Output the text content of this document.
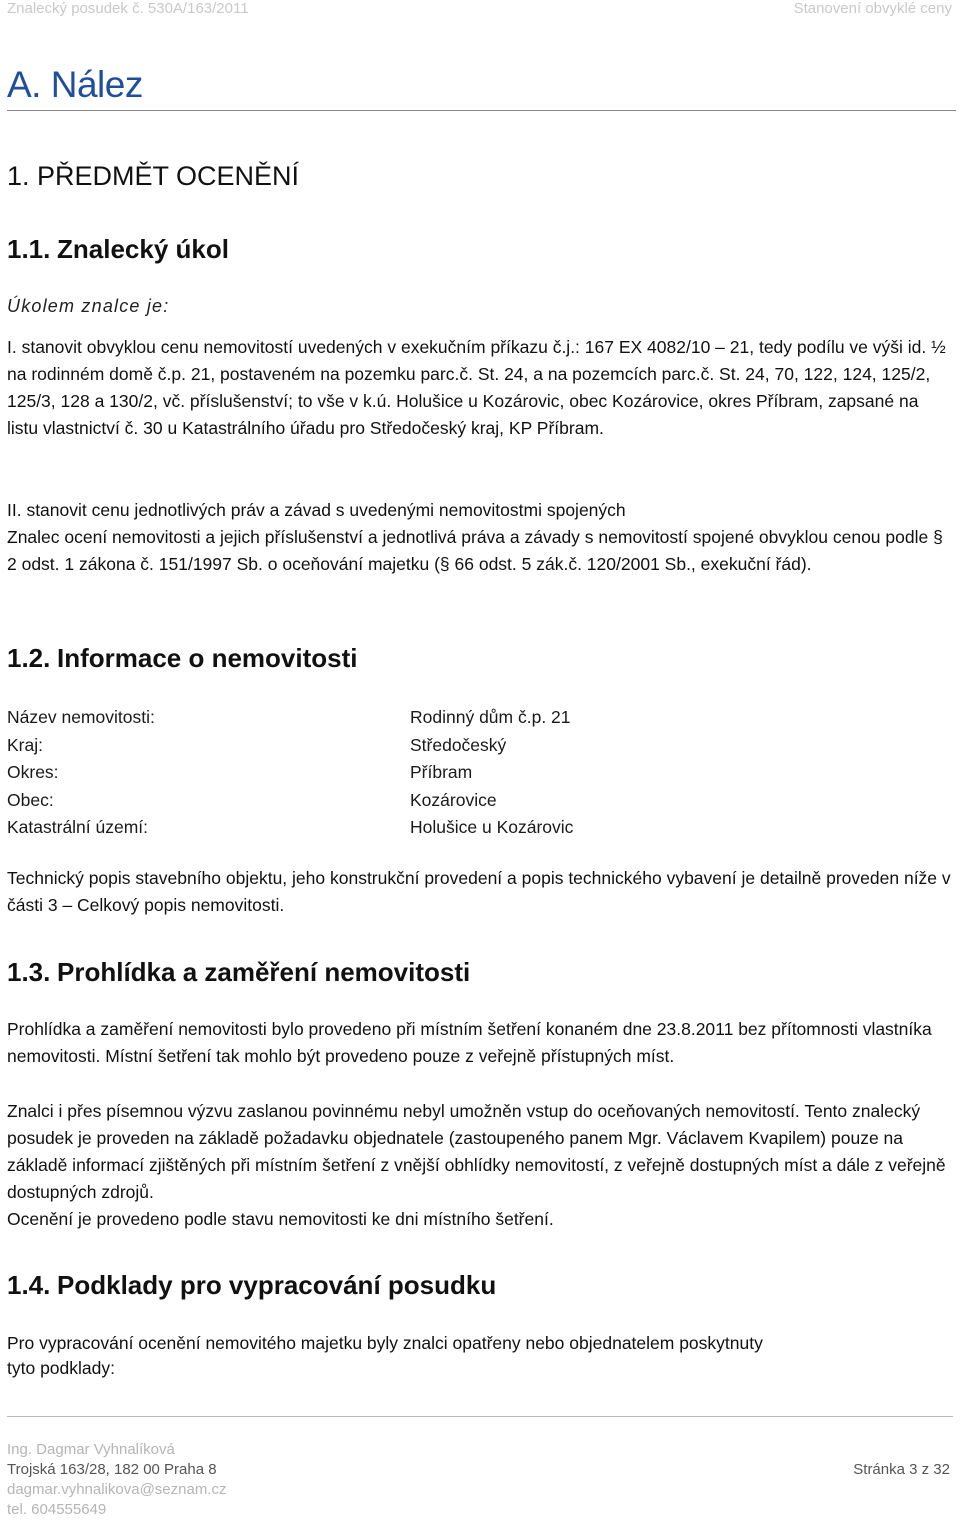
Znalecký posudek č. 530A/163/2011	Stanovení obvyklé ceny
A. Nález
1. PŘEDMĚT OCENĚNÍ
1.1. Znalecký úkol
Úkolem znalce je:

I. stanovit obvyklou cenu nemovitostí uvedených v exekučním příkazu č.j.: 167 EX 4082/10 – 21, tedy podílu ve výši id. ½ na rodinném domě č.p. 21, postaveném na pozemku parc.č. St. 24, a na pozemcích parc.č. St. 24, 70, 122, 124, 125/2, 125/3, 128 a 130/2, vč. příslušenství; to vše v k.ú. Holušice u Kozárovic, obec Kozárovice, okres Příbram, zapsané na listu vlastnictví č. 30 u Katastrálního úřadu pro Středočeský kraj, KP Příbram.

II. stanovit cenu jednotlivých práv a závad s uvedenými nemovitostmi spojených

Znalec ocení nemovitosti a jejich příslušenství a jednotlivá práva a závady s nemovitostí spojené obvyklou cenou podle § 2 odst. 1 zákona č. 151/1997 Sb. o oceňování majetku (§ 66 odst. 5 zák.č. 120/2001 Sb., exekuční řád).

1.2. Informace o nemovitosti
Název nemovitosti:	Rodinný dům č.p. 21
Kraj:	Středočeský
Okres:	Příbram
Obec:	Kozárovice
Katastrální území:	Holušice u Kozárovic

Technický popis stavebního objektu, jeho konstrukční provedení a popis technického vybavení je detailně proveden níže v části 3 – Celkový popis nemovitosti.

1.3. Prohlídka a zaměření nemovitosti

Prohlídka a zaměření nemovitosti bylo provedeno při místním šetření konaném dne 23.8.2011 bez přítomnosti vlastníka nemovitosti. Místní šetření tak mohlo být provedeno pouze z veřejně přístupných míst.

Znalci i přes písemnou výzvu zaslanou povinnému nebyl umožněn vstup do oceňovaných nemovitostí. Tento znalecký posudek je proveden na základě požadavku objednatele (zastoupeného panem Mgr. Václavem Kvapilem) pouze na základě informací zjištěných při místním šetření z vnější obhlídky nemovitostí, z veřejně dostupných míst a dále z veřejně dostupných zdrojů.

Ocenění je provedeno podle stavu nemovitosti ke dni místního šetření.

1.4. Podklady pro vypracování posudku

Pro vypracování ocenění nemovitého majetku byly znalci opatřeny nebo objednatelem poskytnuty tyto podklady:

Ing. Dagmar Vyhnalíková
Trojská 163/28, 182 00 Praha 8
dagmar.vyhnalikova@seznam.cz
tel. 604555649
Stránka 3 z 32
